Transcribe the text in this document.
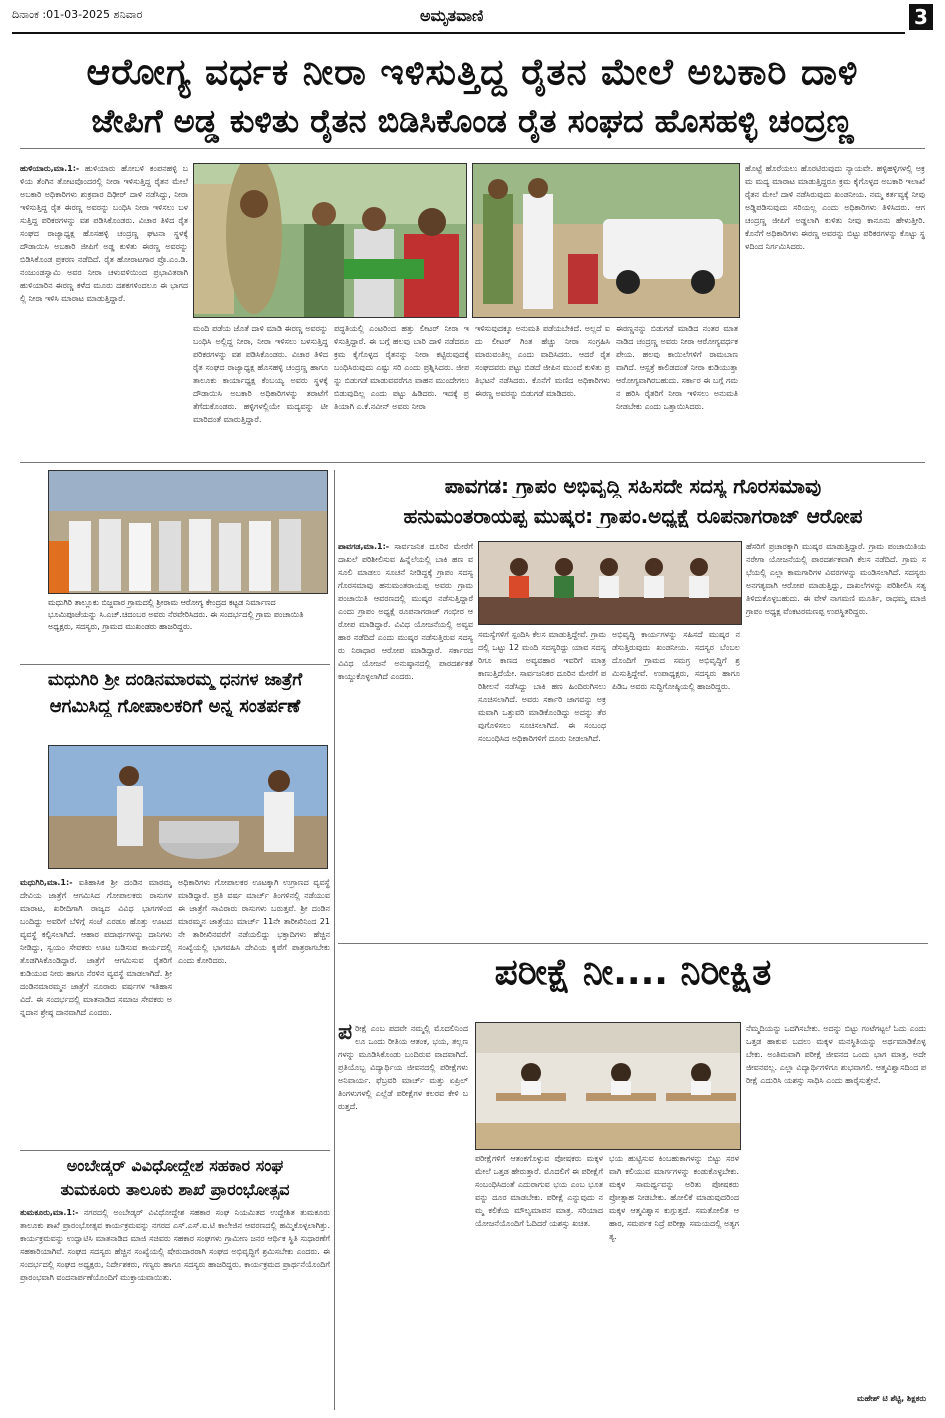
ದಿನಾಂಕ :01-03-2025 ಶನಿವಾರ	ಅಮೃತವಾಣಿ	3
ಆರೋಗ್ಯ ವರ್ಧಕ ನೀರಾ ಇಳಿಸುತ್ತಿದ್ದ ರೈತನ ಮೇಲೆ ಅಬಕಾರಿ ದಾಳಿ
ಜೇಪಿಗೆ ಅಡ್ಡ ಕುಳಿತು ರೈತನ ಬಿಡಿಸಿಕೊಂಡ ರೈತ ಸಂಘದ ಹೊಸಹಳ್ಳಿ ಚಂದ್ರಣ್ಣ
ಹುಳಿಯಾರು,ಮಾ.1:- ಹುಳಿಯಾರು ಹೋಬಳಿ ಕಂಪನಹಳ್ಳಿ ಬಳಿಯ ತೆಂಗಿನ ತೋಟವೊಂದರಲ್ಲಿ ನೀರಾ ಇಳಿಸುತ್ತಿದ್ದ ರೈತನ ಮೇಲೆ ಅಬಕಾರಿ ಅಧಿಕಾರಿಗಳು ಶುಕ್ರವಾರ ದಿಢೀರ್ ದಾಳಿ ನಡೆಸಿದ್ದು, ನೀರಾ ಇಳಿಸುತ್ತಿದ್ದ ರೈತ ಈರಣ್ಣ ಅವರನ್ನು ಬಂಧಿಸಿ ನೀರಾ ಇಳಿಸಲು ಬಳಸುತ್ತಿದ್ದ ಪರಿಕರಗಳನ್ನು ವಶ ಪಡಿಸಿಕೊಂಡರು. ವಿಚಾರ ತಿಳಿದ ರೈತ ಸಂಘದ ರಾಜ್ಯಾಧ್ಯಕ್ಷ ಹೊಸಹಳ್ಳಿ ಚಂದ್ರಣ್ಣ ಘಟನಾ ಸ್ಥಳಕ್ಕೆ ದೌಡಾಯಿಸಿ ಅಬಕಾರಿ ಜೀಪಿಗೆ ಅಡ್ಡ ಕುಳಿತು ಈರಣ್ಣ ಅವರನ್ನು ಬಿಡಿಸಿಕೊಂಡ ಪ್ರಕರಣ ನಡೆದಿದೆ. ರೈತ ಹೋರಾಟಗಾರ ಪ್ರೊ.ಎಂ.ಡಿ.ನಂಜುಂಡಸ್ವಾಮಿ ಅವರ ನೀರಾ ಚಳುವಳಿಯಿಂದ ಪ್ರಭಾವಿತರಾಗಿ ಹುಳಿಯಾರಿನ ಈರಣ್ಣ ಕಳೆದ ಮೂರು ದಶಕಗಳಿಂದಲೂ ಈ ಭಾಗದಲ್ಲಿ ನೀರಾ ಇಳಿಸಿ ಮಾರಾಟ ಮಾಡುತ್ತಿದ್ದಾರೆ.
ಮಂದಿ ಪಡೆಯ ಜೊತೆ ದಾಳಿ ಮಾಡಿ ಈರಣ್ಣ ಅವರನ್ನು ಬಂಧಿಸಿ ಅಲ್ಲಿದ್ದ ನೀರಾ, ನೀರಾ ಇಳಿಸಲು ಬಳಸುತ್ತಿದ್ದ ಪರಿಕರಗಳನ್ನು ವಶ ಪಡಿಸಿಕೊಂಡರು. ವಿಚಾರ ತಿಳಿದ ರೈತ ಸಂಘದ ರಾಜ್ಯಾಧ್ಯಕ್ಷ ಹೊಸಹಳ್ಳಿ ಚಂದ್ರಣ್ಣ ಹಾಗೂ ತಾಲೂಕು ಕಾರ್ಯಾಧ್ಯಕ್ಷ ಕೆಂಬಯ್ಯ ಅವರು ಸ್ಥಳಕ್ಕೆ ದೌಡಾಯಿಸಿ ಅಬಕಾರಿ ಅಧಿಕಾರಿಗಳನ್ನು ತರಾಟೆಗೆ ತೆಗೆದುಕೊಂಡರು. ಹಳ್ಳಿಗಳಲ್ಲಿಯೇ ಮದ್ಯವನ್ನು ಟೀ ಮಾರಿದಂತೆ ಮಾರುತ್ತಿದ್ದಾರೆ.
ಪದ್ಧತಿಯಲ್ಲಿ ಎಂಟರಿಂದ ಹತ್ತು ಲೀಟರ್ ನೀರಾ ಇಳಿಸುತ್ತಿದ್ದಾರೆ. ಈ ಬಗ್ಗೆ ಹಲವು ಬಾರಿ ದಾಳಿ ನಡೆದರೂ ಕ್ರಮ ಕೈಗೊಳ್ಳದ ರೈತನನ್ನು ನೀರಾ ಕಟ್ಟಿರುವುದಕ್ಕೆ ಬಂಧಿಸಿರುವುದು ಎಷ್ಟು ಸರಿ ಎಂದು ಪ್ರಶ್ನಿಸಿದರು. ಜೀಪನ್ನು ಬಿಡುಗಡೆ ಮಾಡುವವರೆಗೂ ವಾಹನ ಮುಂದೇಗಲು ಬಿಡುವುದಿಲ್ಲ ಎಂದು ಪಟ್ಟು ಹಿಡಿದರು. ಇದಕ್ಕೆ ಪ್ರತಿಯಾಗಿ ಎ.ಕೆ.ನವೀನ್ ಅವರು ನೀರಾ
ಇಳಿಸುವುದಕ್ಕೂ ಅನುಮತಿ ಪಡೆಯಬೇಕಿದೆ. ಅಲ್ಲದೆ ಐದು ಲೀಟರ್ ಗಿಂತ ಹೆಚ್ಚು ನೀರಾ ಸಂಗ್ರಹಿಸಿ ಮಾರುವಂತಿಲ್ಲ ಎಂದು ವಾದಿಸಿದರು. ಆದರೆ ರೈತ ಸಂಘದವರು ಪಟ್ಟು ಬಿಡದೆ ಜೀಪಿನ ಮುಂದೆ ಕುಳಿತು ಪ್ರತಿಭಟನೆ ನಡೆಸಿದರು. ಕೊನೆಗೆ ಮಣಿದ ಅಧಿಕಾರಿಗಳು ಈರಣ್ಣ ಅವರನ್ನು ಬಿಡುಗಡೆ ಮಾಡಿದರು.
ಈರಣ್ಣನನ್ನು ಬಿಡುಗಡೆ ಮಾಡಿದ ನಂತರ ಮಾತನಾಡಿದ ಚಂದ್ರಣ್ಣ ಅವರು ನೀರಾ ಆರೋಗ್ಯವರ್ಧಕ ಪೇಯ. ಹಲವು ಕಾಯಿಲೆಗಳಿಗೆ ರಾಮಬಾಣವಾಗಿದೆ. ಆಸ್ಪತ್ರೆ ಕಾಲಿಡದಂತೆ ನೀರಾ ಕುಡಿಯುತ್ತಾ ಆರೋಗ್ಯವಾಗಿರಬಹುದು. ಸರ್ಕಾರ ಈ ಬಗ್ಗೆ ಗಮನ ಹರಿಸಿ ರೈತರಿಗೆ ನೀರಾ ಇಳಿಸಲು ಅನುಮತಿ ನೀಡಬೇಕು ಎಂದು ಒತ್ತಾಯಿಸಿದರು.
ಹೊಟ್ಟೆ ಹೊರೆಯಲು ಹೊರಟಿರುವುದು ನ್ಯಾಯವೇ. ಹಳ್ಳಿಹಳ್ಳಿಗಳಲ್ಲಿ ಅಕ್ರಮ ಮದ್ಯ ಮಾರಾಟ ಮಾಡುತ್ತಿದ್ದರೂ ಕ್ರಮ ಕೈಗೊಳ್ಳದ ಅಬಕಾರಿ ಇಲಾಖೆ ರೈತನ ಮೇಲೆ ದಾಳಿ ನಡೆಸಿರುವುದು ಖಂಡನೀಯ. ನಮ್ಮ ಕರ್ತವ್ಯಕ್ಕೆ ನೀವು ಅಡ್ಡಿಪಡಿಸುವುದು ಸರಿಯಲ್ಲ ಎಂದು ಅಧಿಕಾರಿಗಳು ತಿಳಿಸಿದರು. ಆಗ ಚಂದ್ರಣ್ಣ ಜೀಪಿಗೆ ಅಡ್ಡಲಾಗಿ ಕುಳಿತು ನೀವು ಕಾನೂನು ಹೇಳುತ್ತೀರಿ. ಕೊನೆಗೆ ಅಧಿಕಾರಿಗಳು ಈರಣ್ಣ ಅವರನ್ನು ಬಿಟ್ಟು ಪರಿಕರಗಳನ್ನು ಕೊಟ್ಟು ಸ್ಥಳದಿಂದ ನಿರ್ಗಮಿಸಿದರು.
ಮಧುಗಿರಿ ತಾಲ್ಲೂಕು ಬಿಜ್ಜವಾರ ಗ್ರಾಮದಲ್ಲಿ ಶ್ರೀರಾಮ ಆರೋಗ್ಯ ಕೇಂದ್ರದ ಕಟ್ಟಡ ನಿರ್ಮಾಣದ ಭೂಮಿಪೂಜೆಯನ್ನು ಸಿ.ಎಚ್.ಚಿದಂಬರ ಅವರು ನೆರವೇರಿಸಿದರು. ಈ ಸಂದರ್ಭದಲ್ಲಿ ಗ್ರಾಮ ಪಂಚಾಯಿತಿ ಅಧ್ಯಕ್ಷರು, ಸದಸ್ಯರು, ಗ್ರಾಮದ ಮುಖಂಡರು ಹಾಜರಿದ್ದರು.
ಮಧುಗಿರಿ ಶ್ರೀ ದಂಡಿನಮಾರಮ್ಮ ಧನಗಳ ಜಾತ್ರೆಗೆ
ಆಗಮಿಸಿದ್ದ ಗೋಪಾಲಕರಿಗೆ ಅನ್ನ ಸಂತರ್ಪಣೆ
ಮಧುಗಿರಿ,ಮಾ.1:- ಐತಿಹಾಸಿಕ ಶ್ರೀ ದಂಡಿನ ಮಾರಮ್ಮ ದೇವಿಯ ಜಾತ್ರೆಗೆ ಆಗಮಿಸಿದ ಗೋಪಾಲಕರು ರಾಸುಗಳ ಮಾರಾಟ, ಖರೀದಿಗಾಗಿ ರಾಜ್ಯದ ವಿವಿಧ ಭಾಗಗಳಿಂದ ಬಂದಿದ್ದು ಅವರಿಗೆ ಬೆಳಿಗ್ಗೆ ಸಂಜೆ ಎರಡೂ ಹೊತ್ತು ಊಟದ ವ್ಯವಸ್ಥೆ ಕಲ್ಪಿಸಲಾಗಿದೆ. ಆಹಾರ ಪದಾರ್ಥಗಳನ್ನು ದಾನಿಗಳು ನೀಡಿದ್ದು, ಸ್ವಯಂ ಸೇವಕರು ಊಟ ಬಡಿಸುವ ಕಾರ್ಯದಲ್ಲಿ ತೊಡಗಿಸಿಕೊಂಡಿದ್ದಾರೆ. ಜಾತ್ರೆಗೆ ಆಗಮಿಸುವ ರೈತರಿಗೆ ಕುಡಿಯುವ ನೀರು ಹಾಗೂ ನೆರಳಿನ ವ್ಯವಸ್ಥೆ ಮಾಡಲಾಗಿದೆ. ಶ್ರೀ ದಂಡಿನಮಾರಮ್ಮನ ಜಾತ್ರೆಗೆ ನೂರಾರು ವರ್ಷಗಳ ಇತಿಹಾಸವಿದೆ. ಈ ಸಂದರ್ಭದಲ್ಲಿ ಮಾತನಾಡಿದ ಸಮಾಜ ಸೇವಕರು ಅನ್ನದಾನ ಶ್ರೇಷ್ಠ ದಾನವಾಗಿದೆ ಎಂದರು.
ಅಧಿಕಾರಿಗಳು ಗೋಪಾಲಕರ ಊಟಕ್ಕಾಗಿ ಉಗ್ರಾಣದ ವ್ಯವಸ್ಥೆ ಮಾಡಿದ್ದಾರೆ. ಪ್ರತಿ ವರ್ಷ ಮಾರ್ಚ್ ತಿಂಗಳಿನಲ್ಲಿ ನಡೆಯುವ ಈ ಜಾತ್ರೆಗೆ ಸಾವಿರಾರು ರಾಸುಗಳು ಬರುತ್ತವೆ. ಶ್ರೀ ದಂಡಿನ ಮಾರಮ್ಮನ ಜಾತ್ರೆಯು ಮಾರ್ಚ್ 11ನೇ ತಾರೀಖಿನಿಂದ 21ನೇ ತಾರೀಖಿನವರೆಗೆ ನಡೆಯಲಿದ್ದು ಭಕ್ತಾದಿಗಳು ಹೆಚ್ಚಿನ ಸಂಖ್ಯೆಯಲ್ಲಿ ಭಾಗವಹಿಸಿ ದೇವಿಯ ಕೃಪೆಗೆ ಪಾತ್ರರಾಗಬೇಕು ಎಂದು ಕೋರಿದರು.
ಅಂಬೇಡ್ಕರ್ ವಿವಿಧೋದ್ದೇಶ ಸಹಕಾರ ಸಂಘ
ತುಮಕೂರು ತಾಲೂಕು ಶಾಖೆ ಪ್ರಾರಂಭೋತ್ಸವ
ತುಮಕೂರು,ಮಾ.1:- ನಗರದಲ್ಲಿ ಅಂಬೇಡ್ಕರ್ ವಿವಿಧೋದ್ದೇಶ ಸಹಕಾರ ಸಂಘ ನಿಯಮಿತದ ಉದ್ದೇಶಿತ ತುಮಕೂರು ತಾಲೂಕು ಶಾಖೆ ಪ್ರಾರಂಭೋತ್ಸವ ಕಾರ್ಯಕ್ರಮವನ್ನು ನಗರದ ಎಸ್.ಎಸ್.ಐ.ಟಿ ಕಾಲೇಜಿನ ಆವರಣದಲ್ಲಿ ಹಮ್ಮಿಕೊಳ್ಳಲಾಗಿತ್ತು. ಕಾರ್ಯಕ್ರಮವನ್ನು ಉದ್ಘಾಟಿಸಿ ಮಾತನಾಡಿದ ಮಾಜಿ ಸಚಿವರು ಸಹಕಾರ ಸಂಘಗಳು ಗ್ರಾಮೀಣ ಜನರ ಆರ್ಥಿಕ ಸ್ಥಿತಿ ಸುಧಾರಣೆಗೆ ಸಹಕಾರಿಯಾಗಿವೆ. ಸಂಘದ ಸದಸ್ಯರು ಹೆಚ್ಚಿನ ಸಂಖ್ಯೆಯಲ್ಲಿ ಷೇರುದಾರರಾಗಿ ಸಂಘದ ಅಭಿವೃದ್ಧಿಗೆ ಶ್ರಮಿಸಬೇಕು ಎಂದರು. ಈ ಸಂದರ್ಭದಲ್ಲಿ ಸಂಘದ ಅಧ್ಯಕ್ಷರು, ನಿರ್ದೇಶಕರು, ಗಣ್ಯರು ಹಾಗೂ ಸದಸ್ಯರು ಹಾಜರಿದ್ದರು. ಕಾರ್ಯಕ್ರಮದ ಪ್ರಾರ್ಥನೆಯೊಂದಿಗೆ ಪ್ರಾರಂಭವಾಗಿ ವಂದನಾರ್ಪಣೆಯೊಂದಿಗೆ ಮುಕ್ತಾಯವಾಯಿತು.
ಪಾವಗಡ: ಗ್ರಾಪಂ ಅಭಿವೃದ್ಧಿ ಸಹಿಸದೇ ಸದಸ್ಯ ಗೊರಸಮಾವು
ಹನುಮಂತರಾಯಪ್ಪ ಮುಷ್ಕರ: ಗ್ರಾಪಂ.ಅಧ್ಯಕ್ಷೆ ರೂಪನಾಗರಾಜ್ ಆರೋಪ
ಪಾವಗಡ,ಮಾ.1:- ಸಾರ್ವಜನಿಕ ದೂರಿನ ಮೇರೆಗೆ ದಾಖಲೆ ಪರಿಶೀಲಿಸುವ ಹಿನ್ನೆಲೆಯಲ್ಲಿ ಬಾಕಿ ಹಣ ವಸೂಲಿ ಮಾಡಲು ಸೂಚನೆ ನೀಡಿದ್ದಕ್ಕೆ ಗ್ರಾಪಂ ಸದಸ್ಯ ಗೊರಸಮಾವು ಹನುಮಂತರಾಯಪ್ಪ ಅವರು ಗ್ರಾಮ ಪಂಚಾಯಿತಿ ಆವರಣದಲ್ಲಿ ಮುಷ್ಕರ ನಡೆಸುತ್ತಿದ್ದಾರೆ ಎಂದು ಗ್ರಾಪಂ ಅಧ್ಯಕ್ಷೆ ರೂಪನಾಗರಾಜ್ ಗಂಭೀರ ಆರೋಪ ಮಾಡಿದ್ದಾರೆ. ವಿವಿಧ ಯೋಜನೆಯಲ್ಲಿ ಅವ್ಯವಹಾರ ನಡೆದಿದೆ ಎಂದು ಮುಷ್ಕರ ನಡೆಸುತ್ತಿರುವ ಸದಸ್ಯರು ನಿರಾಧಾರ ಆರೋಪ ಮಾಡಿದ್ದಾರೆ. ಸರ್ಕಾರದ ವಿವಿಧ ಯೋಜನೆ ಅನುಷ್ಠಾನದಲ್ಲಿ ಪಾರದರ್ಶಕತೆ ಕಾಯ್ದುಕೊಳ್ಳಲಾಗಿದೆ ಎಂದರು.
ಸಮಸ್ಯೆಗಳಿಗೆ ಸ್ಪಂದಿಸಿ ಕೆಲಸ ಮಾಡುತ್ತಿದ್ದೇವೆ. ಗ್ರಾಮದಲ್ಲಿ ಒಟ್ಟು 12 ಮಂದಿ ಸದಸ್ಯರಿದ್ದು ಯಾವ ಸದಸ್ಯರಿಗೂ ಕಾಣದ ಅವ್ಯವಹಾರ ಇವರಿಗೆ ಮಾತ್ರ ಕಾಣುತ್ತಿದೆಯೇ. ಸಾರ್ವಜನಿಕರ ದೂರಿನ ಮೇರೆಗೆ ಪರಿಶೀಲನೆ ನಡೆಸಿದ್ದು ಬಾಕಿ ಹಣ ಹಿಂದಿರುಗಿಸಲು ಸೂಚಿಸಲಾಗಿದೆ. ಅವರು ಸರ್ಕಾರಿ ಜಾಗವನ್ನು ಅಕ್ರಮವಾಗಿ ಒತ್ತುವರಿ ಮಾಡಿಕೊಂಡಿದ್ದು ಅದನ್ನು ತೆರವುಗೊಳಿಸಲು ಸೂಚಿಸಲಾಗಿದೆ. ಈ ಸಂಬಂಧ ಸಂಬಂಧಿಸಿದ ಅಧಿಕಾರಿಗಳಿಗೆ ದೂರು ನೀಡಲಾಗಿದೆ.
ಅಭಿವೃದ್ಧಿ ಕಾರ್ಯಗಳನ್ನು ಸಹಿಸದೆ ಮುಷ್ಕರ ನಡೆಸುತ್ತಿರುವುದು ಖಂಡನೀಯ. ಸದಸ್ಯರ ಬೆಂಬಲದೊಂದಿಗೆ ಗ್ರಾಮದ ಸಮಗ್ರ ಅಭಿವೃದ್ಧಿಗೆ ಶ್ರಮಿಸುತ್ತಿದ್ದೇವೆ. ಉಪಾಧ್ಯಕ್ಷರು, ಸದಸ್ಯರು ಹಾಗೂ ಪಿಡಿಒ ಅವರು ಸುದ್ದಿಗೋಷ್ಠಿಯಲ್ಲಿ ಹಾಜರಿದ್ದರು.
ಹೆಸರಿಗೆ ಪ್ರಚಾರಕ್ಕಾಗಿ ಮುಷ್ಕರ ಮಾಡುತ್ತಿದ್ದಾರೆ. ಗ್ರಾಮ ಪಂಚಾಯಿತಿಯ ನರೇಗಾ ಯೋಜನೆಯಲ್ಲಿ ಪಾರದರ್ಶಕವಾಗಿ ಕೆಲಸ ನಡೆದಿದೆ. ಗ್ರಾಮ ಸಭೆಯಲ್ಲಿ ಎಲ್ಲಾ ಕಾಮಗಾರಿಗಳ ವಿವರಗಳನ್ನು ಮಂಡಿಸಲಾಗಿದೆ. ಸದಸ್ಯರು ಅನಗತ್ಯವಾಗಿ ಆರೋಪ ಮಾಡುತ್ತಿದ್ದು, ದಾಖಲೆಗಳನ್ನು ಪರಿಶೀಲಿಸಿ ಸತ್ಯ ತಿಳಿದುಕೊಳ್ಳಬಹುದು. ಈ ವೇಳೆ ನಾಗಮಣಿ ಮೂರ್ತಿ, ರಾಧಮ್ಮ ಮಾಜಿ ಗ್ರಾಪಂ ಅಧ್ಯಕ್ಷ ವೆಂಕಟರಮಣಪ್ಪ ಉಪಸ್ಥಿತರಿದ್ದರು.
ಪರೀಕ್ಷೆ ನೀ.... ನಿರೀಕ್ಷಿತ
ಪ ರೀಕ್ಷೆ ಎಂಬ ಪದವೇ ನಮ್ಮಲ್ಲಿ ಮೊದಲಿನಿಂದಲೂ ಒಂದು ರೀತಿಯ ಆತಂಕ, ಭಯ, ತಲ್ಲಣಗಳನ್ನು ಮೂಡಿಸಿಕೊಂಡು ಬಂದಿರುವ ವಾದವಾಗಿದೆ. ಪ್ರತಿಯೊಬ್ಬ ವಿದ್ಯಾರ್ಥಿಯ ಜೀವನದಲ್ಲಿ ಪರೀಕ್ಷೆಗಳು ಅನಿವಾರ್ಯ. ಫೆಬ್ರವರಿ ಮಾರ್ಚ್ ಮತ್ತು ಏಪ್ರಿಲ್ ತಿಂಗಳುಗಳಲ್ಲಿ ಎಲ್ಲೆಡೆ ಪರೀಕ್ಷೆಗಳ ಕಲರವ ಕೇಳಿ ಬರುತ್ತದೆ.
ಪರೀಕ್ಷೆಗಳಿಗೆ ಆತಂಕಗೊಳ್ಳುವ ಪೋಷಕರು ಮಕ್ಕಳ ಮೇಲೆ ಒತ್ತಡ ಹೇರುತ್ತಾರೆ. ಮೊದಲಿಗೆ ಈ ಪರೀಕ್ಷೆಗೆ ಸಂಬಂಧಿಸಿದಂತೆ ಎದುರಾಗುವ ಭಯ ಎಂಬ ಭೂತವನ್ನು ದೂರ ಮಾಡಬೇಕು. ಪರೀಕ್ಷೆ ಎನ್ನುವುದು ನಮ್ಮ ಕಲಿಕೆಯ ಮೌಲ್ಯಮಾಪನ ಮಾತ್ರ. ಸರಿಯಾದ ಯೋಜನೆಯೊಂದಿಗೆ ಓದಿದರೆ ಯಶಸ್ಸು ಖಚಿತ.
ಭಯ ಹುಟ್ಟಿಸುವ ಕಿಂಬಹುಕಾಗಳನ್ನು ಬಿಟ್ಟು ಸರಳವಾಗಿ ಕಲಿಯುವ ಮಾರ್ಗಗಳನ್ನು ಕಂಡುಕೊಳ್ಳಬೇಕು. ಮಕ್ಕಳ ಸಾಮರ್ಥ್ಯವನ್ನು ಅರಿತು ಪೋಷಕರು ಪ್ರೋತ್ಸಾಹ ನೀಡಬೇಕು. ಹೋಲಿಕೆ ಮಾಡುವುದರಿಂದ ಮಕ್ಕಳ ಆತ್ಮವಿಶ್ವಾಸ ಕುಗ್ಗುತ್ತದೆ. ಸಮತೋಲಿತ ಆಹಾರ, ಸಮರ್ಪಕ ನಿದ್ರೆ ಪರೀಕ್ಷಾ ಸಮಯದಲ್ಲಿ ಅತ್ಯಗತ್ಯ.
ನೆಮ್ಮದಿಯನ್ನು ಒದಗಿಸಬೇಕು. ಅದನ್ನು ಬಿಟ್ಟು ಗಂಟೆಗಟ್ಟಲೆ ಓದು ಎಂದು ಒತ್ತಡ ಹಾಕುವ ಬದಲು ಮಕ್ಕಳ ಮನಸ್ಥಿತಿಯನ್ನು ಅರ್ಥಮಾಡಿಕೊಳ್ಳಬೇಕು. ಅಂತಿಮವಾಗಿ ಪರೀಕ್ಷೆ ಜೀವನದ ಒಂದು ಭಾಗ ಮಾತ್ರ, ಅದೇ ಜೀವನವಲ್ಲ. ಎಲ್ಲಾ ವಿದ್ಯಾರ್ಥಿಗಳಿಗೂ ಶುಭವಾಗಲಿ. ಆತ್ಮವಿಶ್ವಾಸದಿಂದ ಪರೀಕ್ಷೆ ಎದುರಿಸಿ ಯಶಸ್ಸು ಸಾಧಿಸಿ ಎಂದು ಹಾರೈಸುತ್ತೇನೆ.
ಮಹೇಶ್ ಟಿ ಶೆಟ್ಟಿ, ಶಿಕ್ಷಕರು
